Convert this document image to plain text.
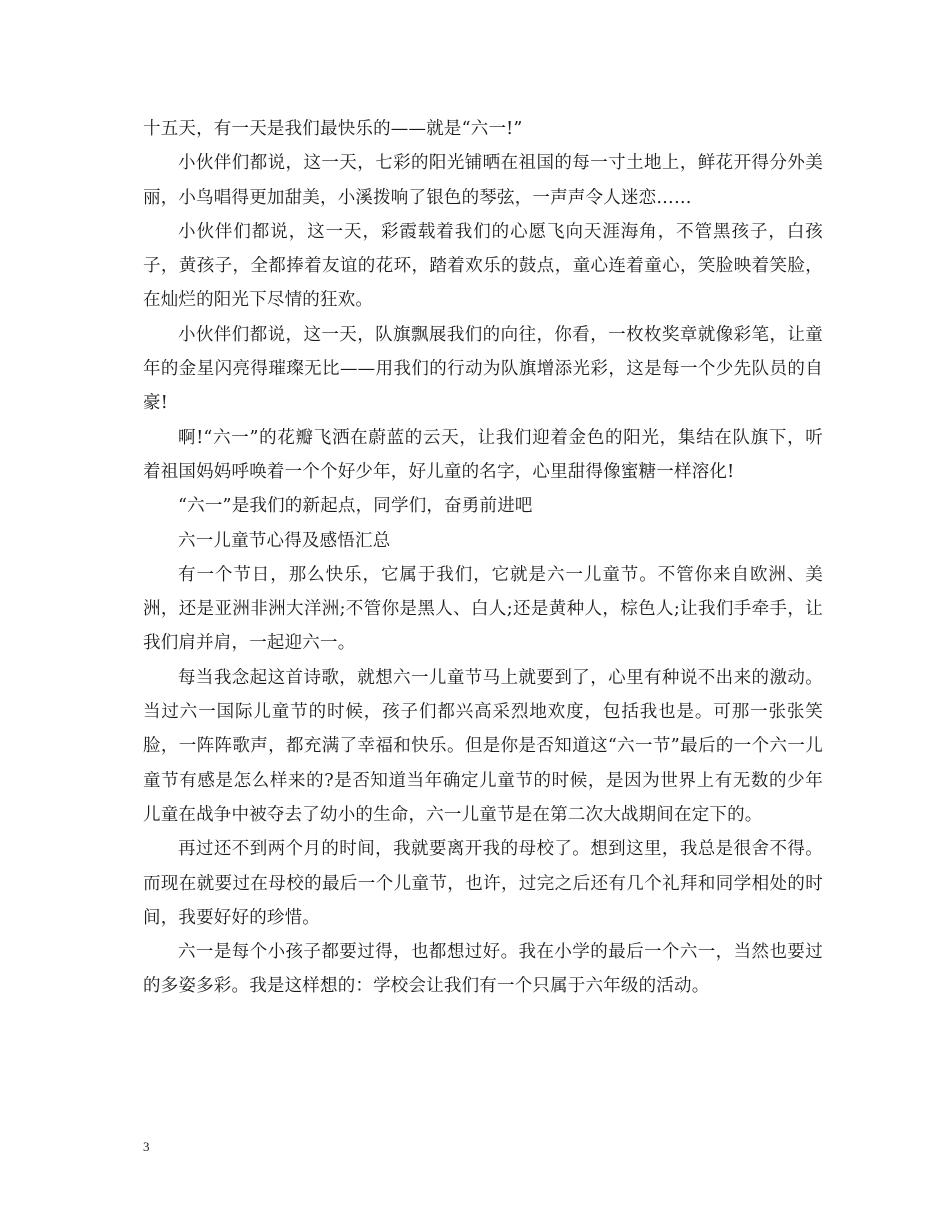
十五天，有一天是我们最快乐的——就是“六一!”

小伙伴们都说，这一天，七彩的阳光铺晒在祖国的每一寸土地上，鲜花开得分外美丽，小鸟唱得更加甜美，小溪拨响了银色的琴弦，一声声令人迷恋……

小伙伴们都说，这一天，彩霞载着我们的心愿飞向天涯海角，不管黑孩子，白孩子，黄孩子，全都捧着友谊的花环，踏着欢乐的鼓点，童心连着童心，笑脸映着笑脸，在灿烂的阳光下尽情的狂欢。

小伙伴们都说，这一天，队旗飘展我们的向往，你看，一枚枚奖章就像彩笔，让童年的金星闪亮得璀璨无比——用我们的行动为队旗增添光彩，这是每一个少先队员的自豪!

啊!“六一”的花瓣飞洒在蔚蓝的云天，让我们迎着金色的阳光，集结在队旗下，听着祖国妈妈呼唤着一个个好少年，好儿童的名字，心里甜得像蜜糖一样溶化!

“六一”是我们的新起点，同学们，奋勇前进吧

六一儿童节心得及感悟汇总

有一个节日，那么快乐，它属于我们，它就是六一儿童节。不管你来自欧洲、美洲，还是亚洲非洲大洋洲;不管你是黑人、白人;还是黄种人，棕色人;让我们手牵手，让我们肩并肩，一起迎六一。

每当我念起这首诗歌，就想六一儿童节马上就要到了，心里有种说不出来的激动。当过六一国际儿童节的时候，孩子们都兴高采烈地欢度，包括我也是。可那一张张笑脸，一阵阵歌声，都充满了幸福和快乐。但是你是否知道这“六一节”最后的一个六一儿童节有感是怎么样来的?是否知道当年确定儿童节的时候，是因为世界上有无数的少年儿童在战争中被夺去了幼小的生命，六一儿童节是在第二次大战期间在定下的。

再过还不到两个月的时间，我就要离开我的母校了。想到这里，我总是很舍不得。而现在就要过在母校的最后一个儿童节，也许，过完之后还有几个礼拜和同学相处的时间，我要好好的珍惜。

六一是每个小孩子都要过得，也都想过好。我在小学的最后一个六一，当然也要过的多姿多彩。我是这样想的：学校会让我们有一个只属于六年级的活动。

3
